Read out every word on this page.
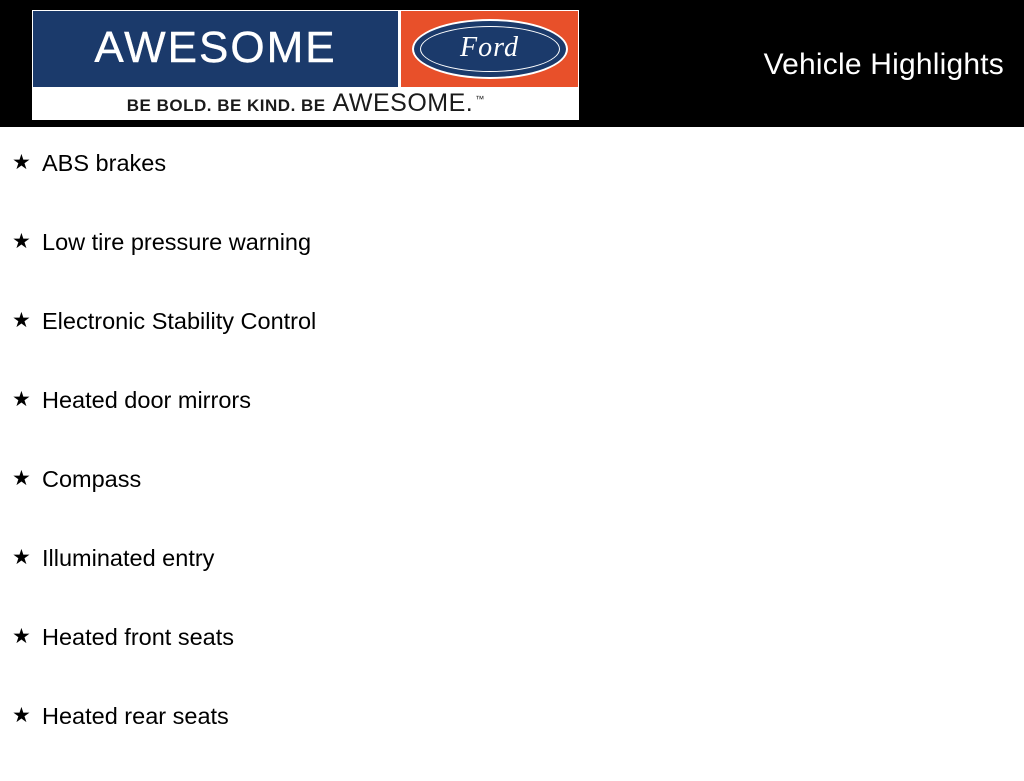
AWESOME	Ford
BE BOLD. BE KIND. BE AWESOME. ™
Vehicle Highlights
★ ABS brakes
★ Low tire pressure warning
★ Electronic Stability Control
★ Heated door mirrors
★ Compass
★ Illuminated entry
★ Heated front seats
★ Heated rear seats
